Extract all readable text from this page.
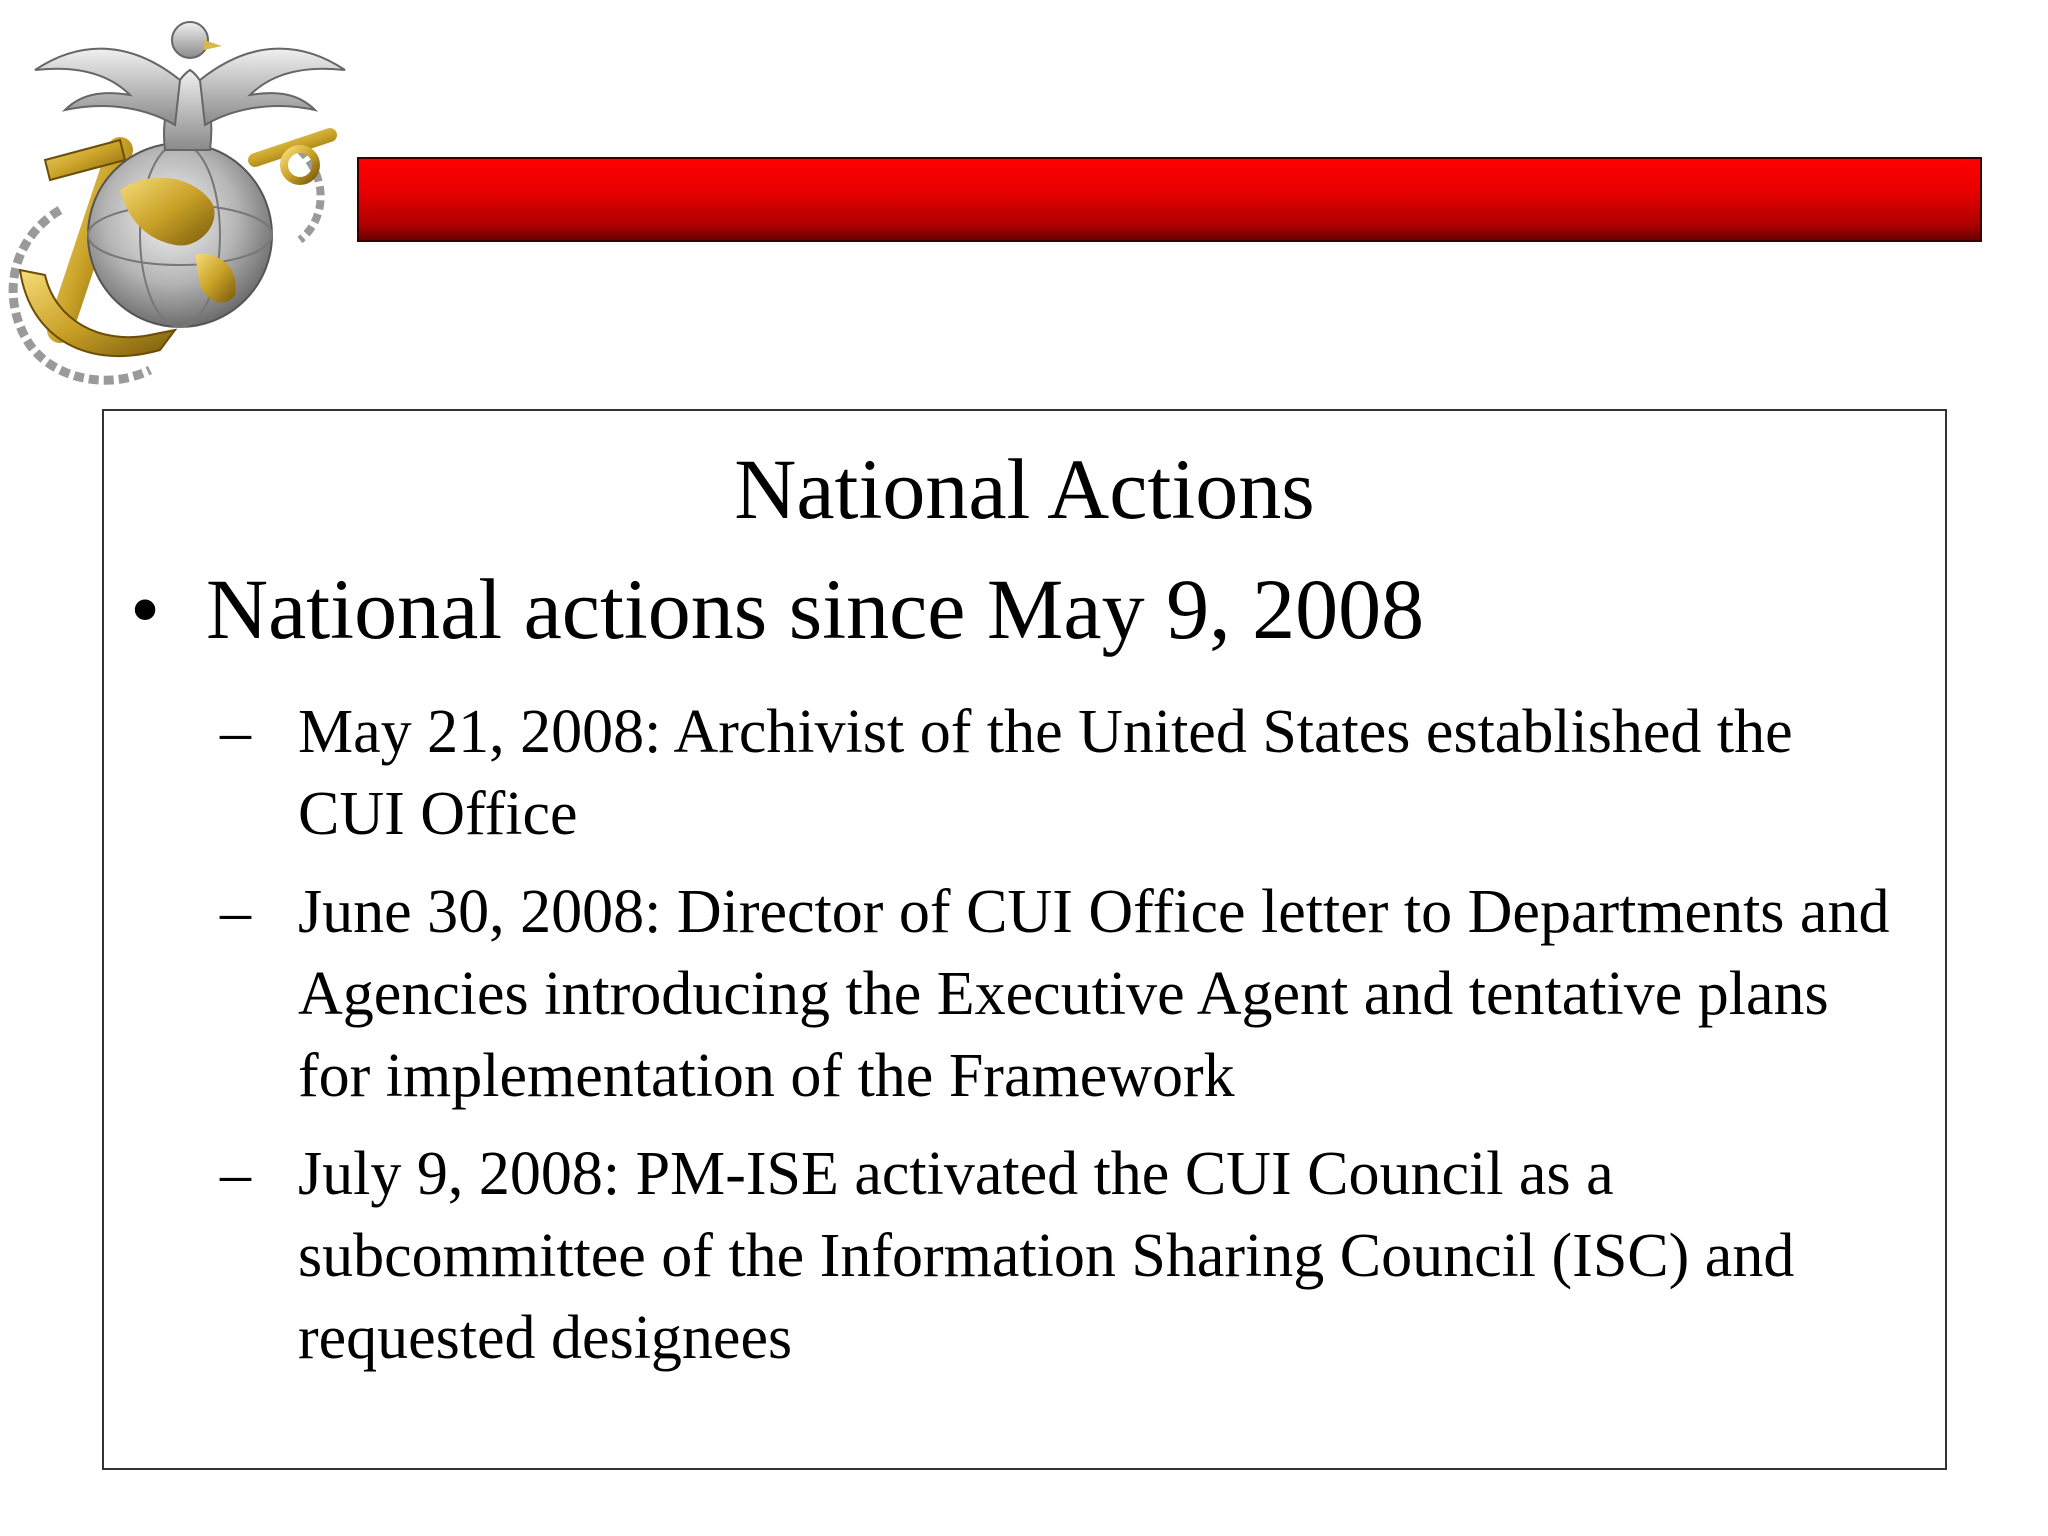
National Actions
• National actions since May 9, 2008
– May 21, 2008: Archivist of the United States established the CUI Office
– June 30, 2008: Director of CUI Office letter to Departments and Agencies introducing the Executive Agent and tentative plans for implementation of the Framework
– July 9, 2008: PM-ISE activated the CUI Council as a subcommittee of the Information Sharing Council (ISC) and requested designees
